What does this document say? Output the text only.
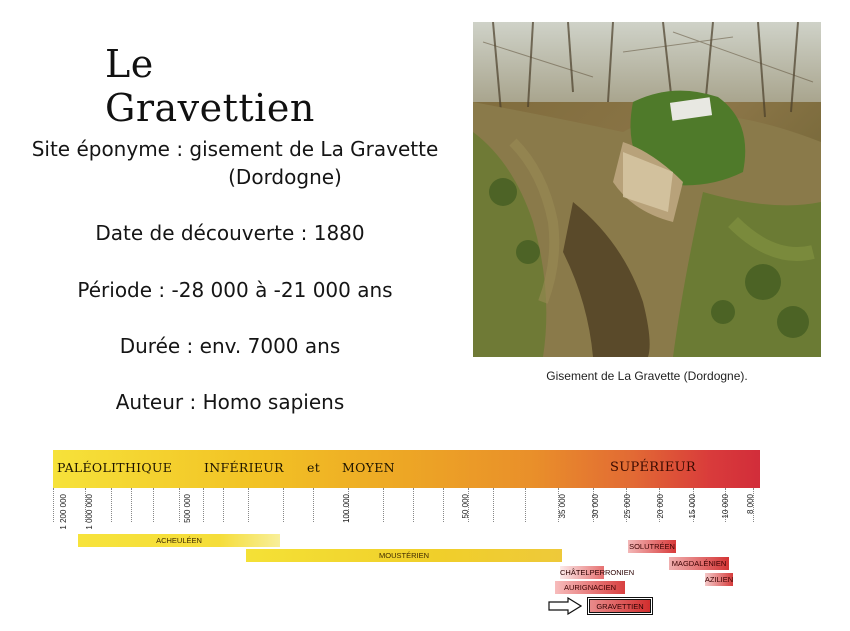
Le Gravettien
Site éponyme : gisement de La Gravette
(Dordogne)
Date de découverte : 1880
Période : -28 000 à -21 000 ans
Durée : env. 7000 ans
Auteur : Homo sapiens
Gisement de La Gravette (Dordogne).
PALÉOLITHIQUE	INFÉRIEUR et MOYEN	SUPÉRIEUR
1 200 000 1 000 000	500 000	100 000	50 000	35 000	30 000	25 000	20 000	15 000	10 000 8 000
ACHEULÉEN
MOUSTÉRIEN
SOLUTRÉEN
MAGDALÉNIEN
AZILIEN
CHÂTELPERRONIEN
AURIGNACIEN
GRAVETTIEN
